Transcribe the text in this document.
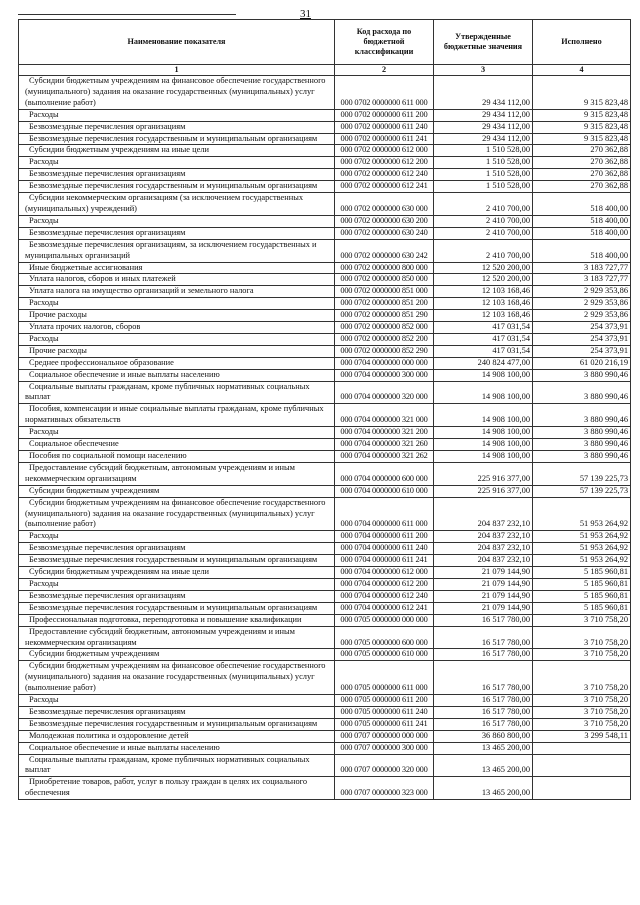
31
Наименование показателя	Код расхода по бюджетной классификации	Утвержденные бюджетные значения	Исполнено
1	2	3	4

Субсидии бюджетным учреждениям на финансовое обеспечение государственного (муниципального) задания на оказание государственных (муниципальных) услуг (выполнение работ)	000 0702 0000000 611 000	29 434 112,00	9 315 823,48

Расходы	000 0702 0000000 611 200	29 434 112,00	9 315 823,48

Безвозмездные перечисления организациям	000 0702 0000000 611 240	29 434 112,00	9 315 823,48

Безвозмездные перечисления государственным и муниципальным организациям	000 0702 0000000 611 241	29 434 112,00	9 315 823,48

Субсидии бюджетным учреждениям на иные цели	000 0702 0000000 612 000	1 510 528,00	270 362,88

Расходы	000 0702 0000000 612 200	1 510 528,00	270 362,88

Безвозмездные перечисления организациям	000 0702 0000000 612 240	1 510 528,00	270 362,88

Безвозмездные перечисления государственным и муниципальным организациям	000 0702 0000000 612 241	1 510 528,00	270 362,88

Субсидии некоммерческим организациям (за исключением государственных (муниципальных) учреждений)	000 0702 0000000 630 000	2 410 700,00	518 400,00

Расходы	000 0702 0000000 630 200	2 410 700,00	518 400,00

Безвозмездные перечисления организациям	000 0702 0000000 630 240	2 410 700,00	518 400,00

Безвозмездные перечисления организациям, за исключением государственных и муниципальных организаций	000 0702 0000000 630 242	2 410 700,00	518 400,00

Иные бюджетные ассигнования	000 0702 0000000 800 000	12 520 200,00	3 183 727,77

Уплата налогов, сборов и иных платежей	000 0702 0000000 850 000	12 520 200,00	3 183 727,77

Уплата налога на имущество организаций и земельного налога	000 0702 0000000 851 000	12 103 168,46	2 929 353,86

Расходы	000 0702 0000000 851 200	12 103 168,46	2 929 353,86

Прочие расходы	000 0702 0000000 851 290	12 103 168,46	2 929 353,86

Уплата прочих налогов, сборов	000 0702 0000000 852 000	417 031,54	254 373,91

Расходы	000 0702 0000000 852 200	417 031,54	254 373,91

Прочие расходы	000 0702 0000000 852 290	417 031,54	254 373,91

Среднее профессиональное образование	000 0704 0000000 000 000	240 824 477,00	61 020 216,19

Социальное обеспечение и иные выплаты населению	000 0704 0000000 300 000	14 908 100,00	3 880 990,46

Социальные выплаты гражданам, кроме публичных нормативных социальных выплат	000 0704 0000000 320 000	14 908 100,00	3 880 990,46

Пособия, компенсации и иные социальные выплаты гражданам, кроме публичных нормативных обязательств	000 0704 0000000 321 000	14 908 100,00	3 880 990,46

Расходы	000 0704 0000000 321 200	14 908 100,00	3 880 990,46

Социальное обеспечение	000 0704 0000000 321 260	14 908 100,00	3 880 990,46

Пособия по социальной помощи населению	000 0704 0000000 321 262	14 908 100,00	3 880 990,46

Предоставление субсидий бюджетным, автономным учреждениям и иным некоммерческим организациям	000 0704 0000000 600 000	225 916 377,00	57 139 225,73

Субсидии бюджетным учреждениям	000 0704 0000000 610 000	225 916 377,00	57 139 225,73

Субсидии бюджетным учреждениям на финансовое обеспечение государственного (муниципального) задания на оказание государственных (муниципальных) услуг (выполнение работ)	000 0704 0000000 611 000	204 837 232,10	51 953 264,92

Расходы	000 0704 0000000 611 200	204 837 232,10	51 953 264,92

Безвозмездные перечисления организациям	000 0704 0000000 611 240	204 837 232,10	51 953 264,92

Безвозмездные перечисления государственным и муниципальным организациям	000 0704 0000000 611 241	204 837 232,10	51 953 264,92

Субсидии бюджетным учреждениям на иные цели	000 0704 0000000 612 000	21 079 144,90	5 185 960,81

Расходы	000 0704 0000000 612 200	21 079 144,90	5 185 960,81

Безвозмездные перечисления организациям	000 0704 0000000 612 240	21 079 144,90	5 185 960,81

Безвозмездные перечисления государственным и муниципальным организациям	000 0704 0000000 612 241	21 079 144,90	5 185 960,81

Профессиональная подготовка, переподготовка и повышение квалификации	000 0705 0000000 000 000	16 517 780,00	3 710 758,20

Предоставление субсидий бюджетным, автономным учреждениям и иным некоммерческим организациям	000 0705 0000000 600 000	16 517 780,00	3 710 758,20

Субсидии бюджетным учреждениям	000 0705 0000000 610 000	16 517 780,00	3 710 758,20

Субсидии бюджетным учреждениям на финансовое обеспечение государственного (муниципального) задания на оказание государственных (муниципальных) услуг (выполнение работ)	000 0705 0000000 611 000	16 517 780,00	3 710 758,20

Расходы	000 0705 0000000 611 200	16 517 780,00	3 710 758,20

Безвозмездные перечисления организациям	000 0705 0000000 611 240	16 517 780,00	3 710 758,20

Безвозмездные перечисления государственным и муниципальным организациям	000 0705 0000000 611 241	16 517 780,00	3 710 758,20

Молодежная политика и оздоровление детей	000 0707 0000000 000 000	36 860 800,00	3 299 548,11

Социальное обеспечение и иные выплаты населению	000 0707 0000000 300 000	13 465 200,00	

Социальные выплаты гражданам, кроме публичных нормативных социальных выплат	000 0707 0000000 320 000	13 465 200,00	

Приобретение товаров, работ, услуг в пользу граждан в целях их социального обеспечения	000 0707 0000000 323 000	13 465 200,00	
